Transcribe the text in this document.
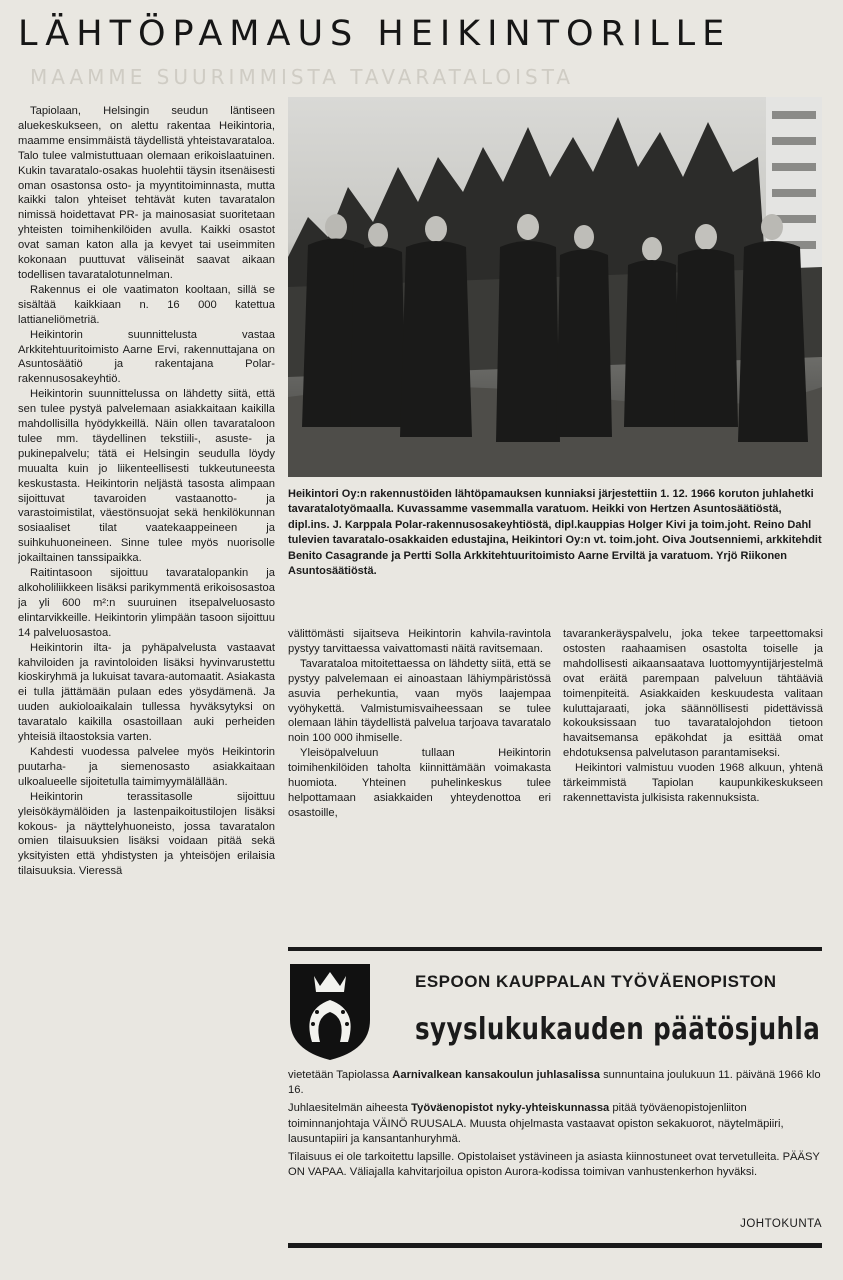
MAAMME SUURIMMISTA TAVARATALOISTA
LÄHTÖPAMAUS HEIKINTORILLE

Tapiolaan, Helsingin seudun läntiseen aluekeskukseen, on alettu rakentaa Heikintoria, maamme ensimmäistä täydellistä yhteistavarataloa. Talo tulee valmistuttuaan olemaan erikoislaatuinen. Kukin tavaratalo-osakas huolehtii täysin itsenäisesti oman osastonsa osto- ja myyntitoiminnasta, mutta kaikki talon yhteiset tehtävät kuten tavaratalon nimissä hoidettavat PR- ja mainosasiat suoritetaan yhteisten toimihenkilöiden avulla. Kaikki osastot ovat saman katon alla ja kevyet tai useimmiten kokonaan puuttuvat väliseinät saavat aikaan todellisen tavaratalotunnelman.

Rakennus ei ole vaatimaton kooltaan, sillä se sisältää kaikkiaan n. 16 000 katettua lattianeliömetriä.

Heikintorin suunnittelusta vastaa Arkkitehtuuritoimisto Aarne Ervi, rakennuttajana on Asuntosäätiö ja rakentajana Polar-rakennusosakeyhtiö.

Heikintorin suunnittelussa on lähdetty siitä, että sen tulee pystyä palvelemaan asiakkaitaan kaikilla mahdollisilla hyödykkeillä. Näin ollen tavarataloon tulee mm. täydellinen tekstiili-, asuste- ja pukinepalvelu; tätä ei Helsingin seudulla löydy muualta kuin jo liikenteellisesti tukkeutuneesta keskustasta. Heikintorin neljästä tasosta alimpaan sijoittuvat tavaroiden vastaanotto- ja varastoimistilat, väestönsuojat sekä henkilökunnan sosiaaliset tilat vaatekaappeineen ja suihkuhuoneineen. Sinne tulee myös nuorisolle jokailtainen tanssipaikka.

Raitintasoon sijoittuu tavaratalopankin ja alkoholiliikkeen lisäksi parikymmentä erikoisosastoa ja yli 600 m²:n suuruinen itsepalveluosasto elintarvikkeille. Heikintorin ylimpään tasoon sijoittuu 14 palveluosastoa.

Heikintorin ilta- ja pyhäpalvelusta vastaavat kahviloiden ja ravintoloiden lisäksi hyvinvarustettu kioskiryhmä ja lukuisat tavara-automaatit. Asiakasta ei tulla jättämään pulaan edes yösydämenä. Ja uuden aukioloaikalain tullessa hyväksytyksi on tavaratalo kaikilla osastoillaan auki perheiden yhteisiä iltaostoksia varten.

Kahdesti vuodessa palvelee myös Heikintorin puutarha- ja siemenosasto asiakkaitaan ulkoalueelle sijoitetulla taimimyymälällään.

Heikintorin terassitasolle sijoittuu yleisökäymälöiden ja lastenpaikoitustilojen lisäksi kokous- ja näyttelyhuoneisto, jossa tavaratalon omien tilaisuuksien lisäksi voidaan pitää sekä yksityisten että yhdistysten ja yhteisöjen erilaisia tilaisuuksia. Vieressä

Heikintori Oy:n rakennustöiden lähtöpamauksen kunniaksi järjestettiin 1. 12. 1966 koruton juhlahetki tavaratalotyömaalla. Kuvassamme vasemmalla varatuom. Heikki von Hertzen Asuntosäätiöstä, dipl.ins. J. Karppala Polar-rakennusosakeyhtiöstä, dipl.kauppias Holger Kivi ja toim.joht. Reino Dahl tulevien tavaratalo-osakkaiden edustajina, Heikintori Oy:n vt. toim.joht. Oiva Joutsenniemi, arkkitehdit Benito Casagrande ja Pertti Solla Arkkitehtuuritoimisto Aarne Erviltä ja varatuom. Yrjö Riikonen Asuntosäätiöstä.

välittömästi sijaitseva Heikintorin kahvila-ravintola pystyy tarvittaessa vaivattomasti näitä ravitsemaan.

Tavarataloa mitoitettaessa on lähdetty siitä, että se pystyy palvelemaan ei ainoastaan lähiympäristössä asuvia perhekuntia, vaan myös laajempaa vyöhykettä. Valmistumisvaiheessaan se tulee olemaan lähin täydellistä palvelua tarjoava tavaratalo noin 100 000 ihmiselle.

Yleisöpalveluun tullaan Heikintorin toimihenkilöiden taholta kiinnittämään voimakasta huomiota. Yhteinen puhelinkeskus tulee helpottamaan asiakkaiden yhteydenottoa eri osastoille,

tavarankeräyspalvelu, joka tekee tarpeettomaksi ostosten raahaamisen osastolta toiselle ja mahdollisesti aikaansaatava luottomyyntijärjestelmä ovat eräitä parempaan palveluun tähtääviä toimenpiteitä. Asiakkaiden keskuudesta valitaan kuluttajaraati, joka säännöllisesti pidettävissä kokouksissaan tuo tavaratalojohdon tietoon havaitsemansa epäkohdat ja esittää omat ehdotuksensa palvelutason parantamiseksi.

Heikintori valmistuu vuoden 1968 alkuun, yhtenä tärkeimmistä Tapiolan kaupunkikeskukseen rakennettavista julkisista rakennuksista.

ESPOON KAUPPALAN TYÖVÄENOPISTON
syyslukukauden päätösjuhla

vietetään Tapiolassa Aarnivalkean kansakoulun juhlasalissa sunnuntaina joulukuun 11. päivänä 1966 klo 16.

Juhlaesitelmän aiheesta Työväenopistot nyky-yhteiskunnassa pitää työväenopistojenliiton toiminnanjohtaja VÄINÖ RUUSALA. Muusta ohjelmasta vastaavat opiston sekakuorot, näytelmäpiiri, lausuntapiiri ja kansantanhuryhmä.

Tilaisuus ei ole tarkoitettu lapsille. Opistolaiset ystävineen ja asiasta kiinnostuneet ovat tervetulleita. PÄÄSY ON VAPAA. Väliajalla kahvitarjoilua opiston Aurora-kodissa toimivan vanhustenkerhon hyväksi.

JOHTOKUNTA
